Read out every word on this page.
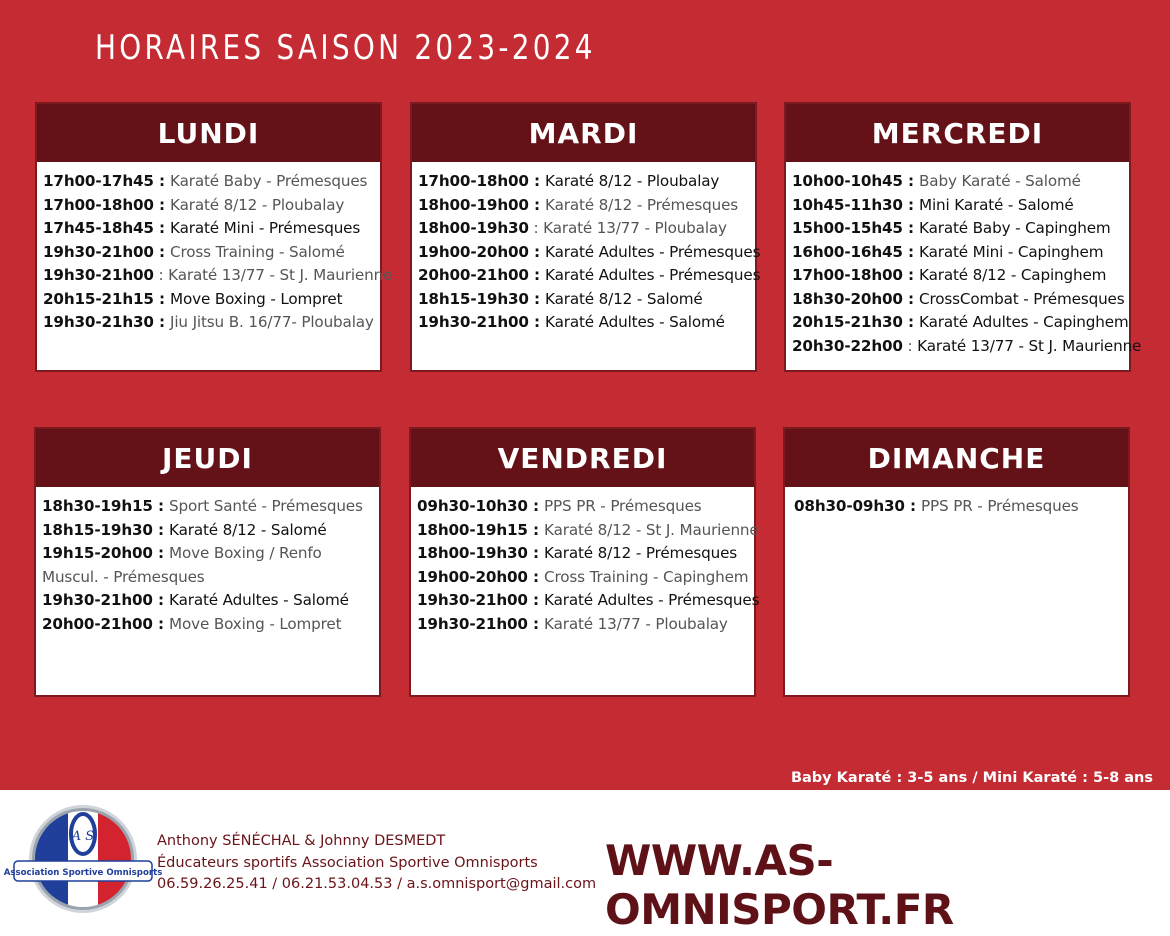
HORAIRES SAISON 2023-2024
LUNDI
17h00-17h45 : Karaté Baby - Prémesques
17h00-18h00 : Karaté 8/12 - Ploubalay
17h45-18h45 : Karaté Mini - Prémesques
19h30-21h00 : Cross Training - Salomé
19h30-21h00 : Karaté 13/77 - St J. Maurienne
20h15-21h15 : Move Boxing - Lompret
19h30-21h30 : Jiu Jitsu B. 16/77- Ploubalay
MARDI
17h00-18h00 : Karaté 8/12 - Ploubalay
18h00-19h00 : Karaté 8/12 - Prémesques
18h00-19h30 : Karaté 13/77 - Ploubalay
19h00-20h00 : Karaté Adultes - Prémesques
20h00-21h00 : Karaté Adultes - Prémesques
18h15-19h30 : Karaté 8/12 - Salomé
19h30-21h00 : Karaté Adultes - Salomé
MERCREDI
10h00-10h45 : Baby Karaté - Salomé
10h45-11h30 : Mini Karaté - Salomé
15h00-15h45 : Karaté Baby - Capinghem
16h00-16h45 : Karaté Mini - Capinghem
17h00-18h00 : Karaté 8/12 - Capinghem
18h30-20h00 : CrossCombat - Prémesques
20h15-21h30 : Karaté Adultes - Capinghem
20h30-22h00 : Karaté 13/77 - St J. Maurienne
JEUDI
18h30-19h15 : Sport Santé - Prémesques
18h15-19h30 : Karaté 8/12 - Salomé
19h15-20h00 : Move Boxing / Renfo Muscul. - Prémesques
19h30-21h00 : Karaté Adultes - Salomé
20h00-21h00 : Move Boxing - Lompret
VENDREDI
09h30-10h30 : PPS PR - Prémesques
18h00-19h15 : Karaté 8/12 - St J. Maurienne
18h00-19h30 : Karaté 8/12 - Prémesques
19h00-20h00 : Cross Training - Capinghem
19h30-21h00 : Karaté Adultes - Prémesques
19h30-21h00 : Karaté 13/77 - Ploubalay
DIMANCHE
08h30-09h30 : PPS PR - Prémesques
Baby Karaté : 3-5 ans / Mini Karaté : 5-8 ans
A S
Association Sportive Omnisports
Anthony SÉNÉCHAL & Johnny DESMEDT
Éducateurs sportifs Association Sportive Omnisports
06.59.26.25.41 / 06.21.53.04.53 / a.s.omnisport@gmail.com WWW.AS-OMNISPORT.FR
